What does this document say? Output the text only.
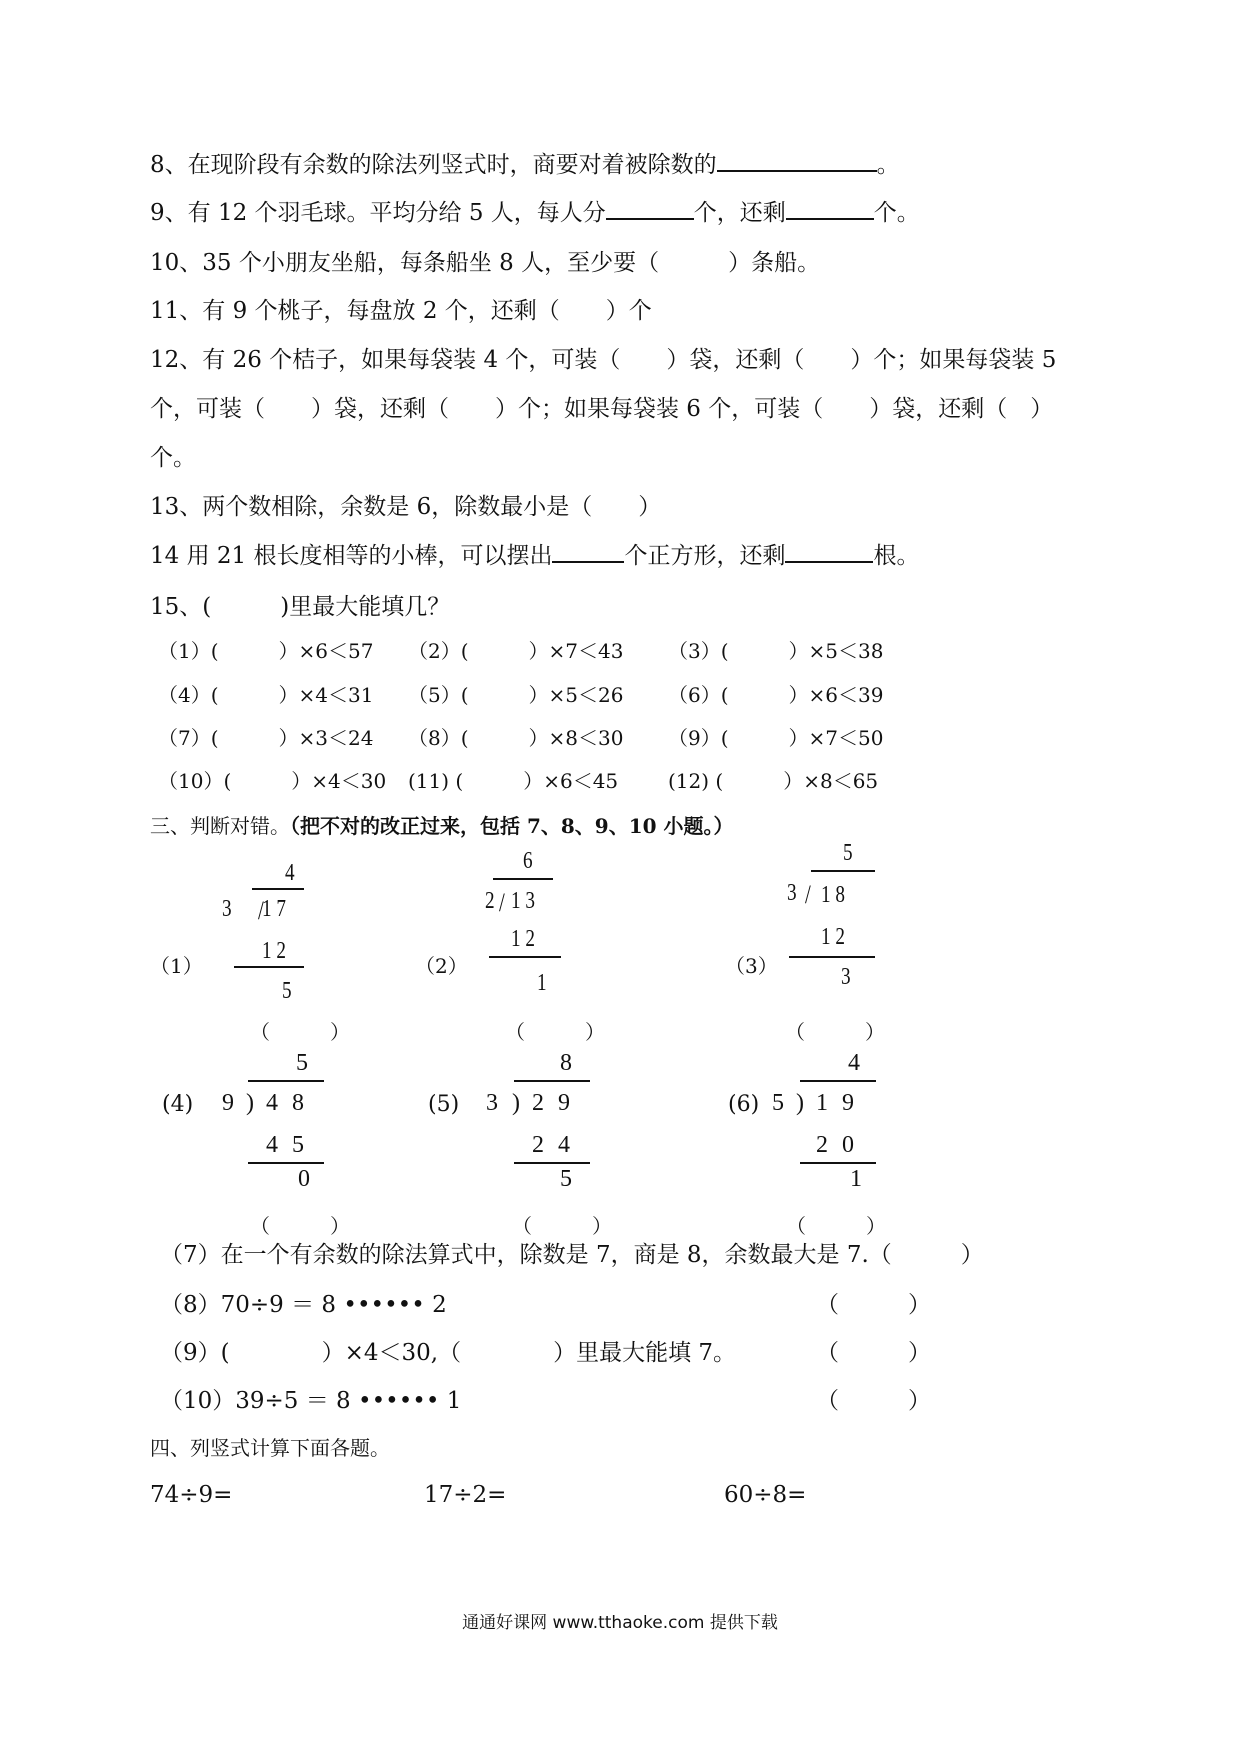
8、在现阶段有余数的除法列竖式时，商要对着被除数的	。
9、有 12 个羽毛球。平均分给 5 人，每人分	个，还剩	个。
10、35 个小朋友坐船，每条船坐 8 人，至少要（　　　）条船。
11、有 9 个桃子，每盘放 2 个，还剩（　　）个
12、有 26 个桔子，如果每袋装 4 个，可装（　　）袋，还剩（　　）个；如果每袋装 5
个，可装（　　）袋，还剩（　　）个；如果每袋装 6 个，可装（　　）袋，还剩（　）
个。
13、两个数相除，余数是 6，除数最小是（　　）
14 用 21 根长度相等的小棒，可以摆出	个正方形，还剩	根。
15、(　　　)里最大能填几？
（1）(　　　）×6＜57 （2）(　　　）×7＜43 （3）(　　　）×5＜38
（4）(　　　）×4＜31 （5）(　　　）×5＜26 （6）(　　　）×6＜39
（7）(　　　）×3＜24 （8）(　　　）×8＜30 （9）(　　　）×7＜50
（10）(　　　）×4＜30 (11) (　　　）×6＜45 (12) (　　　）×8＜65
三、判断对错。（把不对的改正过来，包括 7、8、9、10 小题。）
（1）
4
3 /
1 7
1 2
5
（　　　）
（2）
6
2 / 1 3
1 2
1
（　　　）
（3）
5
3 / 1 8
1 2
3
（　　　）
5
(4) 9 ) 4 8
4 5
0
（　　　）
8
(5) 3 ) 2 9
2 4
5
（　　　）
4
(6) 5 ) 1 9
2 0
1
（　　　）
（7）在一个有余数的除法算式中，除数是 7，商是 8，余数最大是 7.（　　　）
（8）70÷9 ＝ 8 •••••• 2	（　　　）
（9）(　　　　）×4＜30,（　　　　）里最大能填 7。	（　　　）
（10）39÷5 ＝ 8 •••••• 1	（　　　）
四、列竖式计算下面各题。
74÷9=	17÷2=	60÷8=
通通好课网 www.tthaoke.com 提供下载
